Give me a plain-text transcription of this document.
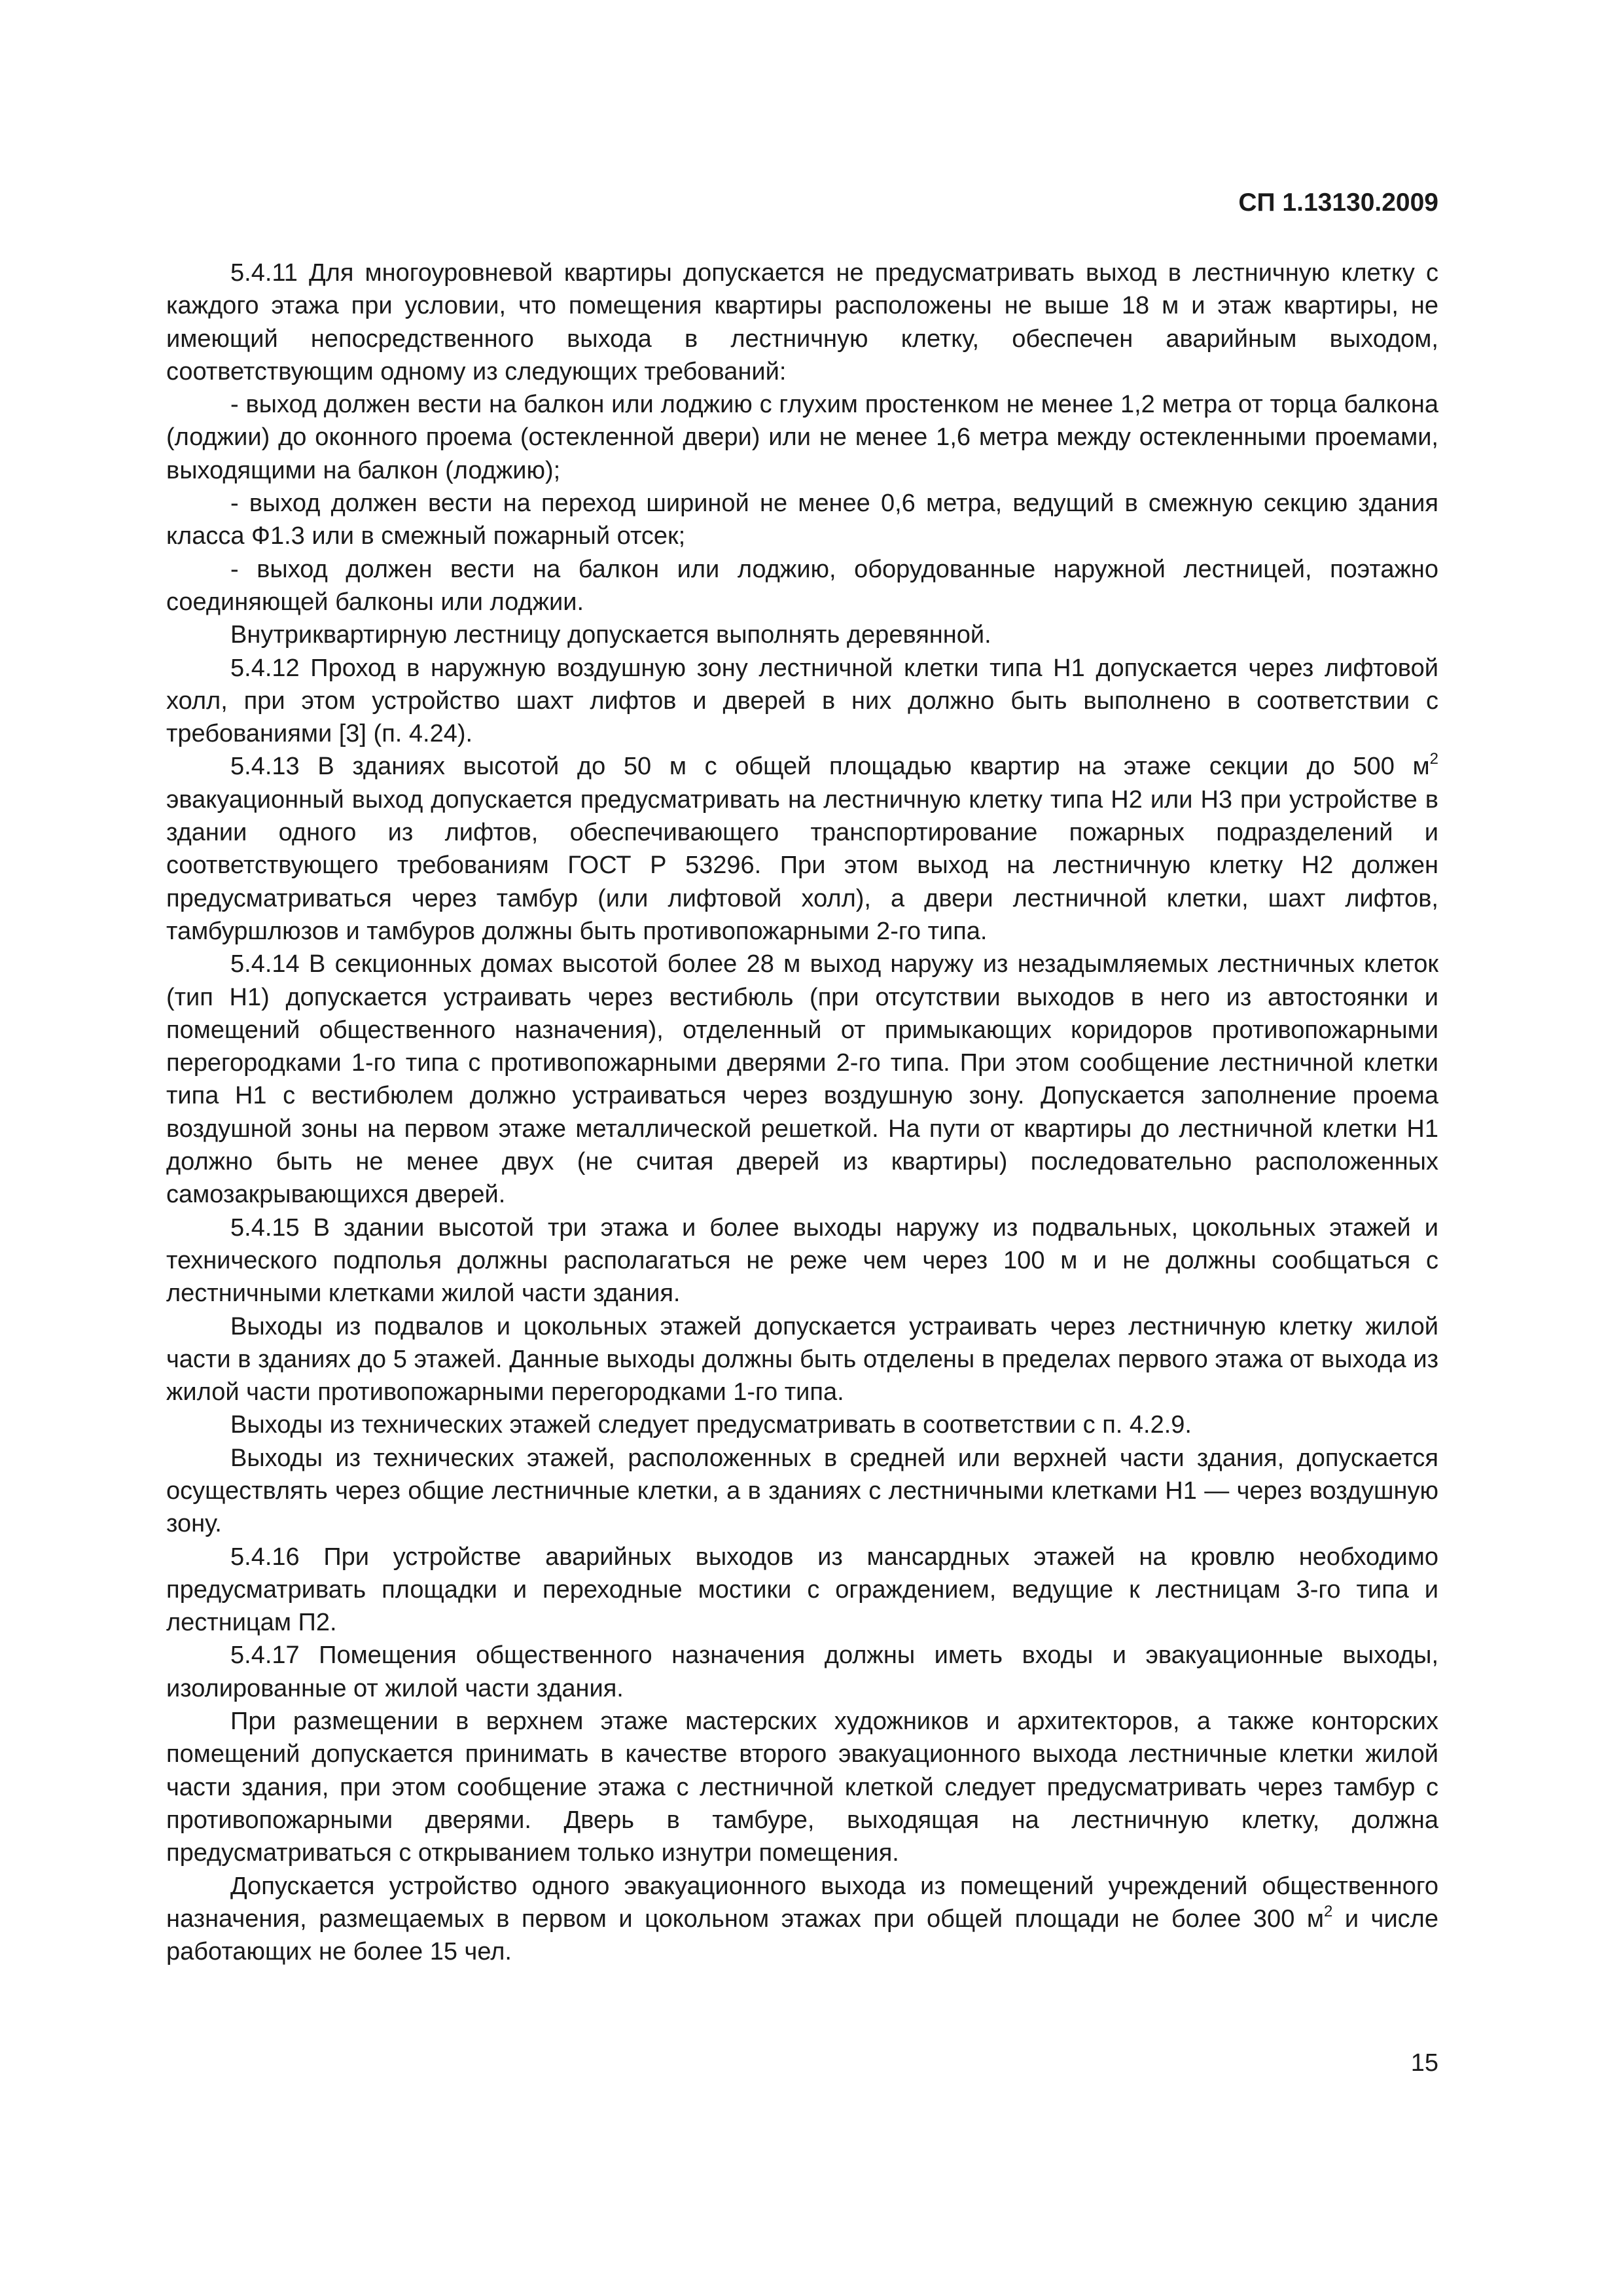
СП 1.13130.2009

5.4.11 Для многоуровневой квартиры допускается не предусматривать выход в лестничную клетку с каждого этажа при условии, что помещения квартиры расположены не выше 18 м и этаж квартиры, не имеющий непосредственного выхода в лестничную клетку, обеспечен аварийным выходом, соответствующим одному из следующих требований:

- выход должен вести на балкон или лоджию с глухим простенком не менее 1,2 метра от торца балкона (лоджии) до оконного проема (остекленной двери) или не менее 1,6 метра между остекленными проемами, выходящими на балкон (лоджию);

- выход должен вести на переход шириной не менее 0,6 метра, ведущий в смежную секцию здания класса Ф1.3 или в смежный пожарный отсек;

- выход должен вести на балкон или лоджию, оборудованные наружной лестницей, поэтажно соединяющей балконы или лоджии.

Внутриквартирную лестницу допускается выполнять деревянной.

5.4.12 Проход в наружную воздушную зону лестничной клетки типа Н1 допускается через лифтовой холл, при этом устройство шахт лифтов и дверей в них должно быть выполнено в соответствии с требованиями [3] (п. 4.24).

5.4.13 В зданиях высотой до 50 м с общей площадью квартир на этаже секции до 500 $м^2$ эвакуационный выход допускается предусматривать на лестничную клетку типа Н2 или Н3 при устройстве в здании одного из лифтов, обеспечивающего транспортирование пожарных подразделений и соответствующего требованиям ГОСТ Р 53296. При этом выход на лестничную клетку Н2 должен предусматриваться через тамбур (или лифтовой холл), а двери лестничной клетки, шахт лифтов, тамбуршлюзов и тамбуров должны быть противопожарными 2-го типа.

5.4.14 В секционных домах высотой более 28 м выход наружу из незадымляемых лестничных клеток (тип Н1) допускается устраивать через вестибюль (при отсутствии выходов в него из автостоянки и помещений общественного назначения), отделенный от примыкающих коридоров противопожарными перегородками 1-го типа с противопожарными дверями 2-го типа. При этом сообщение лестничной клетки типа Н1 с вестибюлем должно устраиваться через воздушную зону. Допускается заполнение проема воздушной зоны на первом этаже металлической решеткой. На пути от квартиры до лестничной клетки Н1 должно быть не менее двух (не считая дверей из квартиры) последовательно расположенных самозакрывающихся дверей.

5.4.15 В здании высотой три этажа и более выходы наружу из подвальных, цокольных этажей и технического подполья должны располагаться не реже чем через 100 м и не должны сообщаться с лестничными клетками жилой части здания.

Выходы из подвалов и цокольных этажей допускается устраивать через лестничную клетку жилой части в зданиях до 5 этажей. Данные выходы должны быть отделены в пределах первого этажа от выхода из жилой части противопожарными перегородками 1-го типа.

Выходы из технических этажей следует предусматривать в соответствии с п. 4.2.9.

Выходы из технических этажей, расположенных в средней или верхней части здания, допускается осуществлять через общие лестничные клетки, а в зданиях с лестничными клетками Н1 — через воздушную зону.

5.4.16 При устройстве аварийных выходов из мансардных этажей на кровлю необходимо предусматривать площадки и переходные мостики с ограждением, ведущие к лестницам 3-го типа и лестницам П2.

5.4.17 Помещения общественного назначения должны иметь входы и эвакуационные выходы, изолированные от жилой части здания.

При размещении в верхнем этаже мастерских художников и архитекторов, а также конторских помещений допускается принимать в качестве второго эвакуационного выхода лестничные клетки жилой части здания, при этом сообщение этажа с лестничной клеткой следует предусматривать через тамбур с противопожарными дверями. Дверь в тамбуре, выходящая на лестничную клетку, должна предусматриваться с открыванием только изнутри помещения.

Допускается устройство одного эвакуационного выхода из помещений учреждений общественного назначения, размещаемых в первом и цокольном этажах при общей площади не более 300 $м^2$ и числе работающих не более 15 чел.

15
